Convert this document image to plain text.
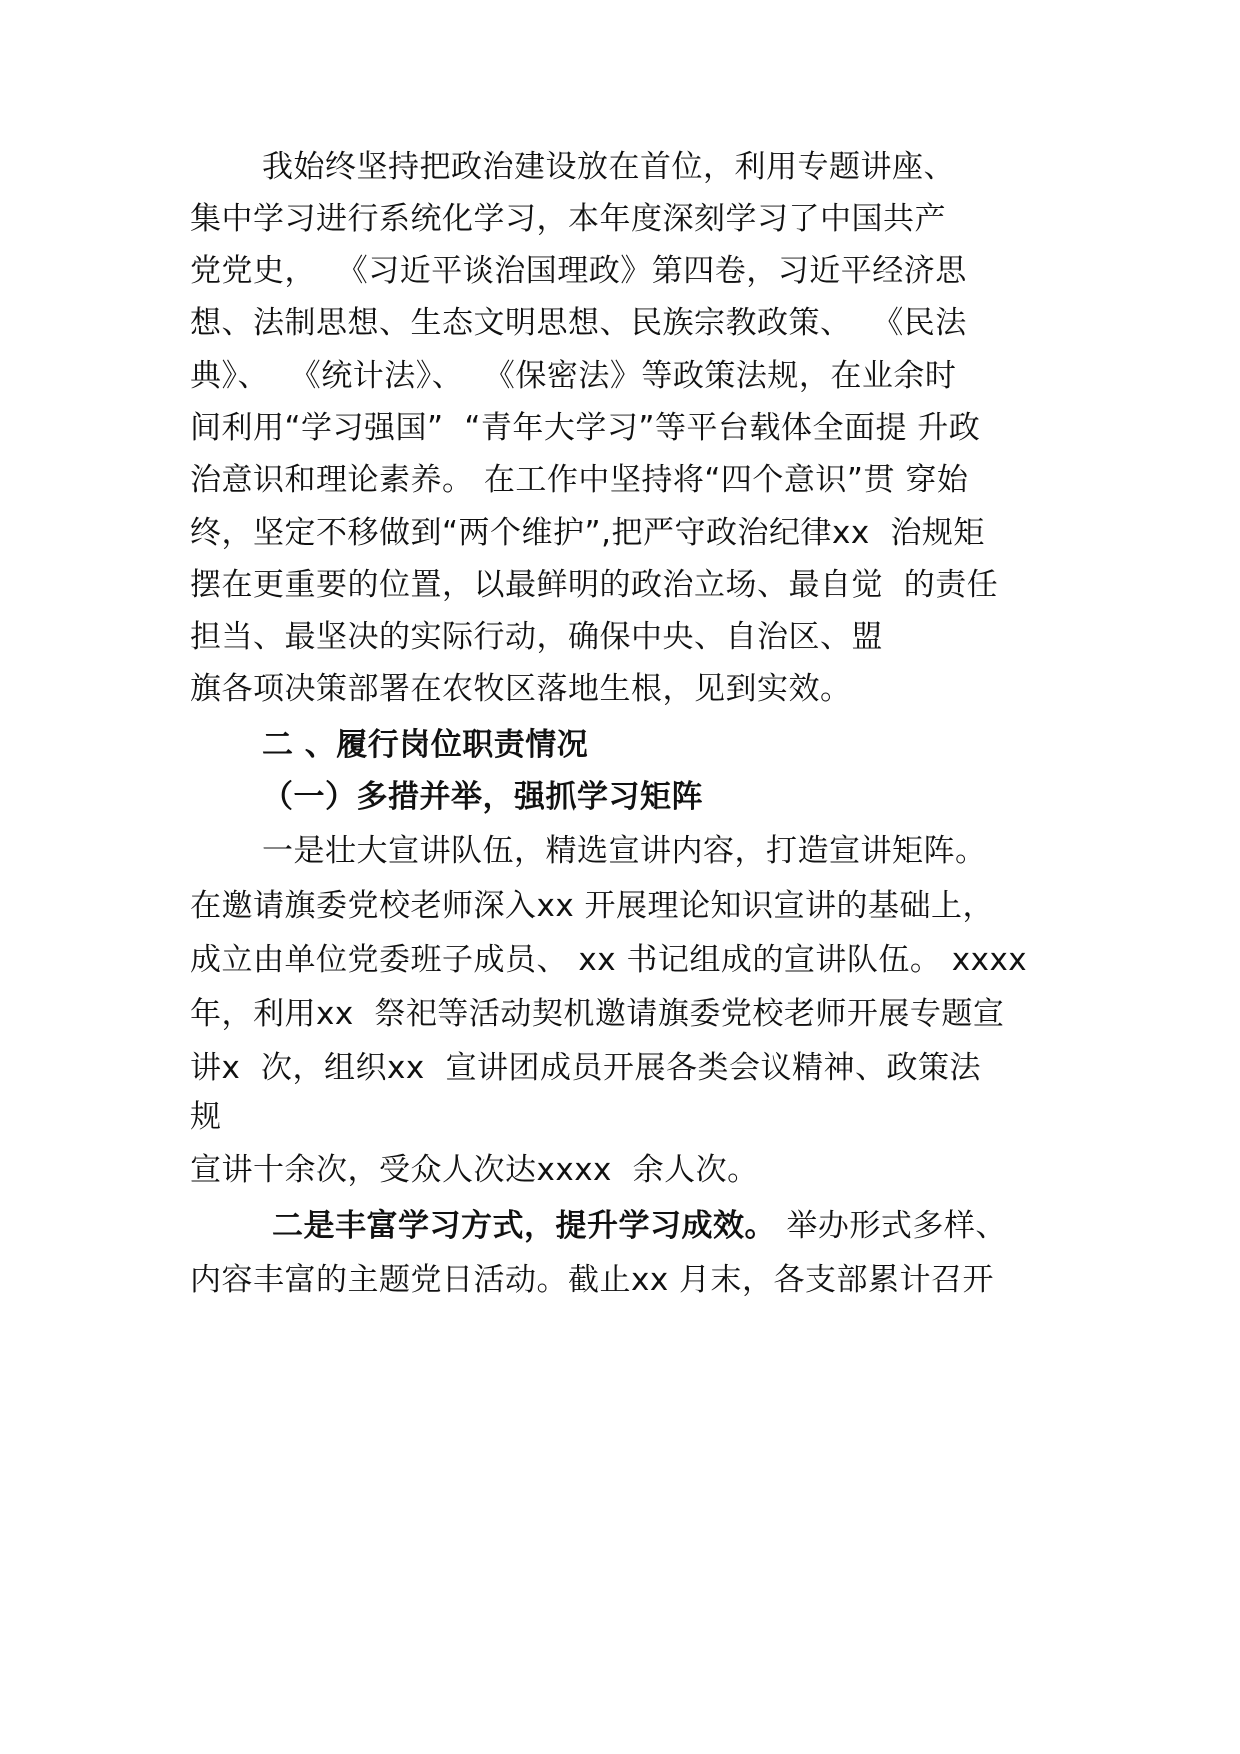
我始终坚持把政治建设放在首位，利用专题讲座、
集中学习进行系统化学习，本年度深刻学习了中国共产
党党史，  《习近平谈治国理政》第四卷，习近平经济思
想、法制思想、生态文明思想、民族宗教政策、  《民法
典》、  《统计法》、  《保密法》等政策法规，在业余时
间利用“学习强国”  “青年大学习”等平台载体全面提 升政
治意识和理论素养。 在工作中坚持将“四个意识”贯 穿始
终，坚定不移做到“两个维护”,把严守政治纪律xx  治规矩
摆在更重要的位置，以最鲜明的政治立场、最自觉  的责任
担当、最坚决的实际行动，确保中央、自治区、盟
旗各项决策部署在农牧区落地生根，见到实效。
二 、履行岗位职责情况
（一）多措并举，强抓学习矩阵
一是壮大宣讲队伍，精选宣讲内容，打造宣讲矩阵。
在邀请旗委党校老师深入xx 开展理论知识宣讲的基础上，
成立由单位党委班子成员、 xx 书记组成的宣讲队伍。 xxxx
年，利用xx  祭祀等活动契机邀请旗委党校老师开展专题宣
讲x  次，组织xx  宣讲团成员开展各类会议精神、政策法
规
宣讲十余次，受众人次达xxxx  余人次。
二是丰富学习方式，提升学习成效。 举办形式多样、
内容丰富的主题党日活动。截止xx 月末，各支部累计召开
